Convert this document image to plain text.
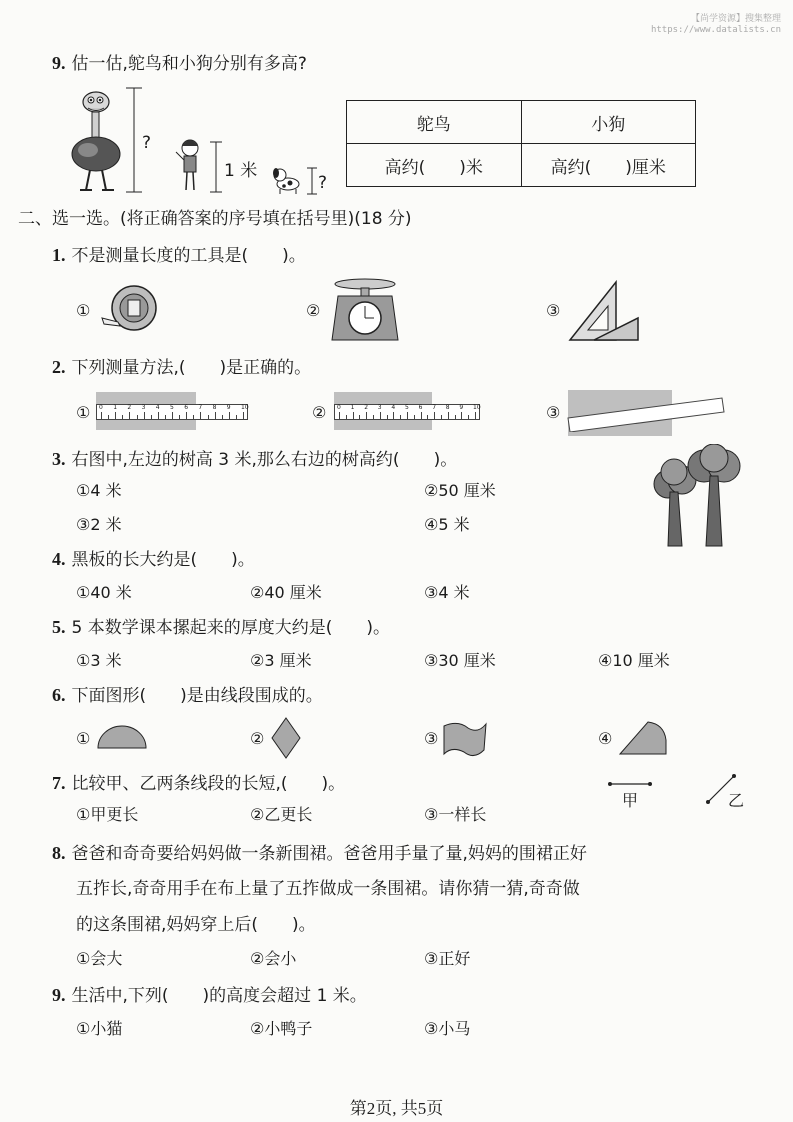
【尚学资源】搜集整理
https://www.datalists.cn
9. 估一估,鸵鸟和小狗分别有多高?
?
1 米
?
鸵鸟	小狗
高约(　　)米	高约(　　)厘米
二、选一选。(将正确答案的序号填在括号里)(18 分)
1. 不是测量长度的工具是(　　)。
①	②	③
2. 下列测量方法,(　　)是正确的。
① 0 1 2 3 4 5 6 7 8 9 10	② 0 1 2 3 4 5 6 7 8 9 10	③
3. 右图中,左边的树高 3 米,那么右边的树高约(　　)。
①4 米	②50 厘米
③2 米	④5 米
4. 黑板的长大约是(　　)。
①40 米	②40 厘米	③4 米
5. 5 本数学课本摞起来的厚度大约是(　　)。
①3 米	②3 厘米	③30 厘米	④10 厘米
6. 下面图形(　　)是由线段围成的。
①	②	③	④
7. 比较甲、乙两条线段的长短,(　　)。
①甲更长	②乙更长	③一样长
甲	乙
8. 爸爸和奇奇要给妈妈做一条新围裙。爸爸用手量了量,妈妈的围裙正好
五拃长,奇奇用手在布上量了五拃做成一条围裙。请你猜一猜,奇奇做
的这条围裙,妈妈穿上后(　　)。
①会大	②会小	③正好
9. 生活中,下列(　　)的高度会超过 1 米。
①小猫	②小鸭子	③小马
第2页, 共5页
